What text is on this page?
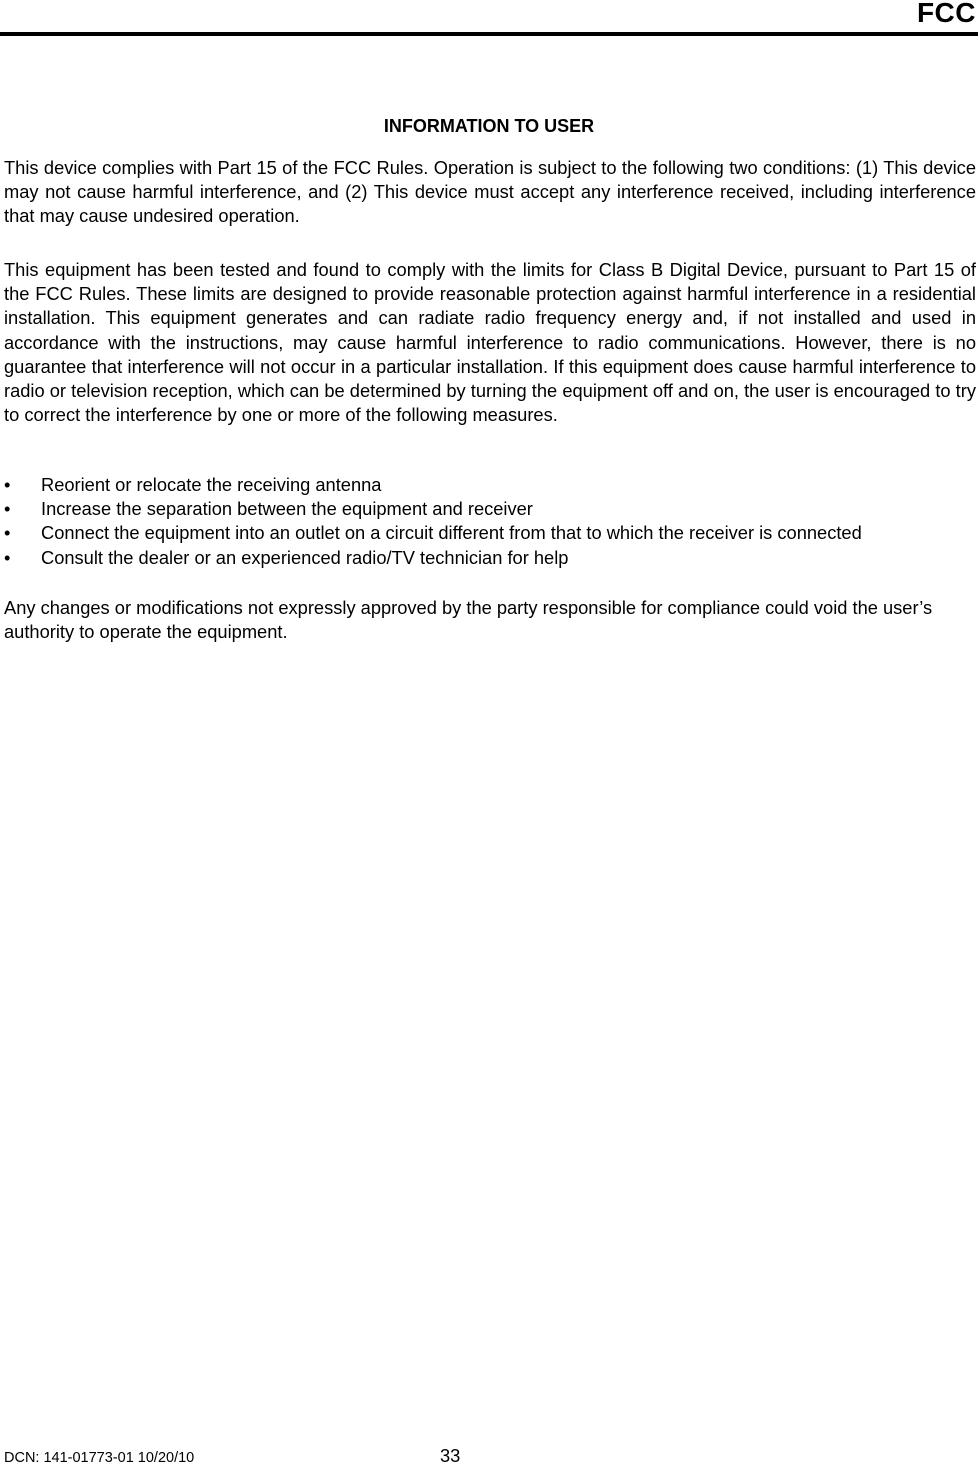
FCC
INFORMATION TO USER

This device complies with Part 15 of the FCC Rules. Operation is subject to the following two conditions: (1) This device may not cause harmful interference, and (2) This device must accept any interference received, including interference that may cause undesired operation.

This equipment has been tested and found to comply with the limits for Class B Digital Device, pursuant to Part 15 of the FCC Rules. These limits are designed to provide reasonable protection against harmful interference in a residential installation. This equipment generates and can radiate radio frequency energy and, if not installed and used in accordance with the instructions, may cause harmful interference to radio communications. However, there is no guarantee that interference will not occur in a particular installation. If this equipment does cause harmful interference to radio or television reception, which can be determined by turning the equipment off and on, the user is encouraged to try to correct the interference by one or more of the following measures.

• Reorient or relocate the receiving antenna
• Increase the separation between the equipment and receiver
• Connect the equipment into an outlet on a circuit different from that to which the receiver is connected
• Consult the dealer or an experienced radio/TV technician for help

Any changes or modifications not expressly approved by the party responsible for compliance could void the user’s authority to operate the equipment.

DCN: 141-01773-01 10/20/10	33
